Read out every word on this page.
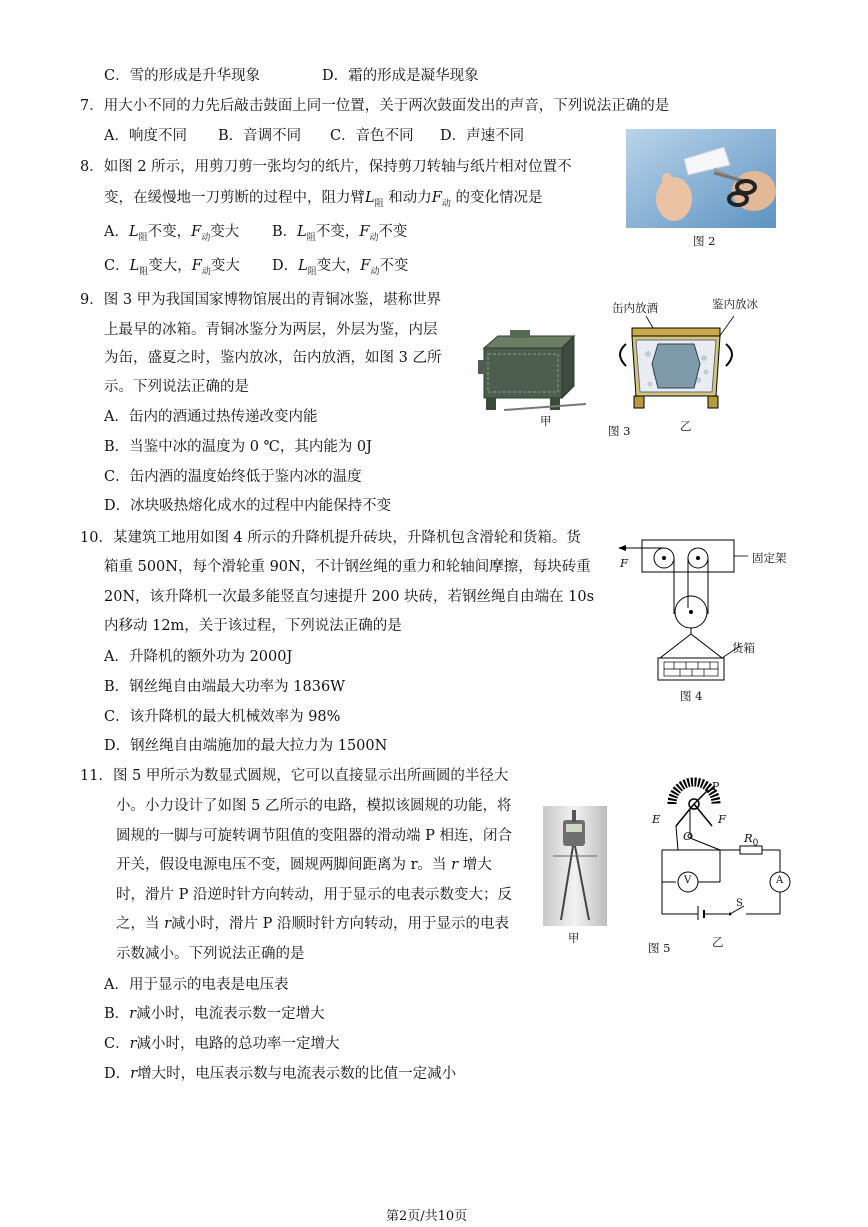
C．雪的形成是升华现象	D．霜的形成是凝华现象
7．用大小不同的力先后敲击鼓面上同一位置，关于两次鼓面发出的声音，下列说法正确的是
A．响度不同 B．音调不同 C．音色不同 D．声速不同
8．如图 2 所示，用剪刀剪一张均匀的纸片，保持剪刀转轴与纸片相对位置不
变，在缓慢地一刀剪断的过程中，阻力臂$L_阻$ 和动力$F_动$ 的变化情况是
A．$L_阻$不变，$F_动$变大 B．$L_阻$不变，$F_动$不变
C．$L_阻$变大，$F_动$变大 D．$L_阻$变大，$F_动$不变
图 2
9．图 3 甲为我国国家博物馆展出的青铜冰鉴，堪称世界
上最早的冰箱。青铜冰鉴分为两层，外层为鉴，内层
为缶，盛夏之时，鉴内放冰，缶内放酒，如图 3 乙所
示。下列说法正确的是
A．缶内的酒通过热传递改变内能
B．当鉴中冰的温度为 0 ℃，其内能为 0J
C．缶内酒的温度始终低于鉴内冰的温度
D．冰块吸热熔化成水的过程中内能保持不变
甲
缶内放酒	鉴内放冰
图 3	乙
10．某建筑工地用如图 4 所示的升降机提升砖块，升降机包含滑轮和货箱。货
箱重 500N，每个滑轮重 90N，不计钢丝绳的重力和轮轴间摩擦，每块砖重
20N，该升降机一次最多能竖直匀速提升 200 块砖，若钢丝绳自由端在 10s
内移动 12m，关于该过程，下列说法正确的是
A．升降机的额外功为 2000J
B．钢丝绳自由端最大功率为 1836W
C．该升降机的最大机械效率为 98%
D．钢丝绳自由端施加的最大拉力为 1500N
F	固定架
货箱
图 4
11．图 5 甲所示为数显式圆规，它可以直接显示出所画圆的半径大
小。小力设计了如图 5 乙所示的电路，模拟该圆规的功能，将
圆规的一脚与可旋转调节阻值的变阻器的滑动端 P 相连，闭合
开关，假设电源电压不变，圆规两脚间距离为 r。当 r 增大
时，滑片 P 沿逆时针方向转动，用于显示的电表示数变大；反
之，当 r减小时，滑片 P 沿顺时针方向转动，用于显示的电表
示数减小。下列说法正确的是
A．用于显示的电表是电压表
B．r减小时，电流表示数一定增大
C．r减小时，电路的总功率一定增大
D．r增大时，电压表示数与电流表示数的比值一定减小
甲
P
E	F
O	$R_0$
V	A
S
图 5	乙
第2页/共10页
